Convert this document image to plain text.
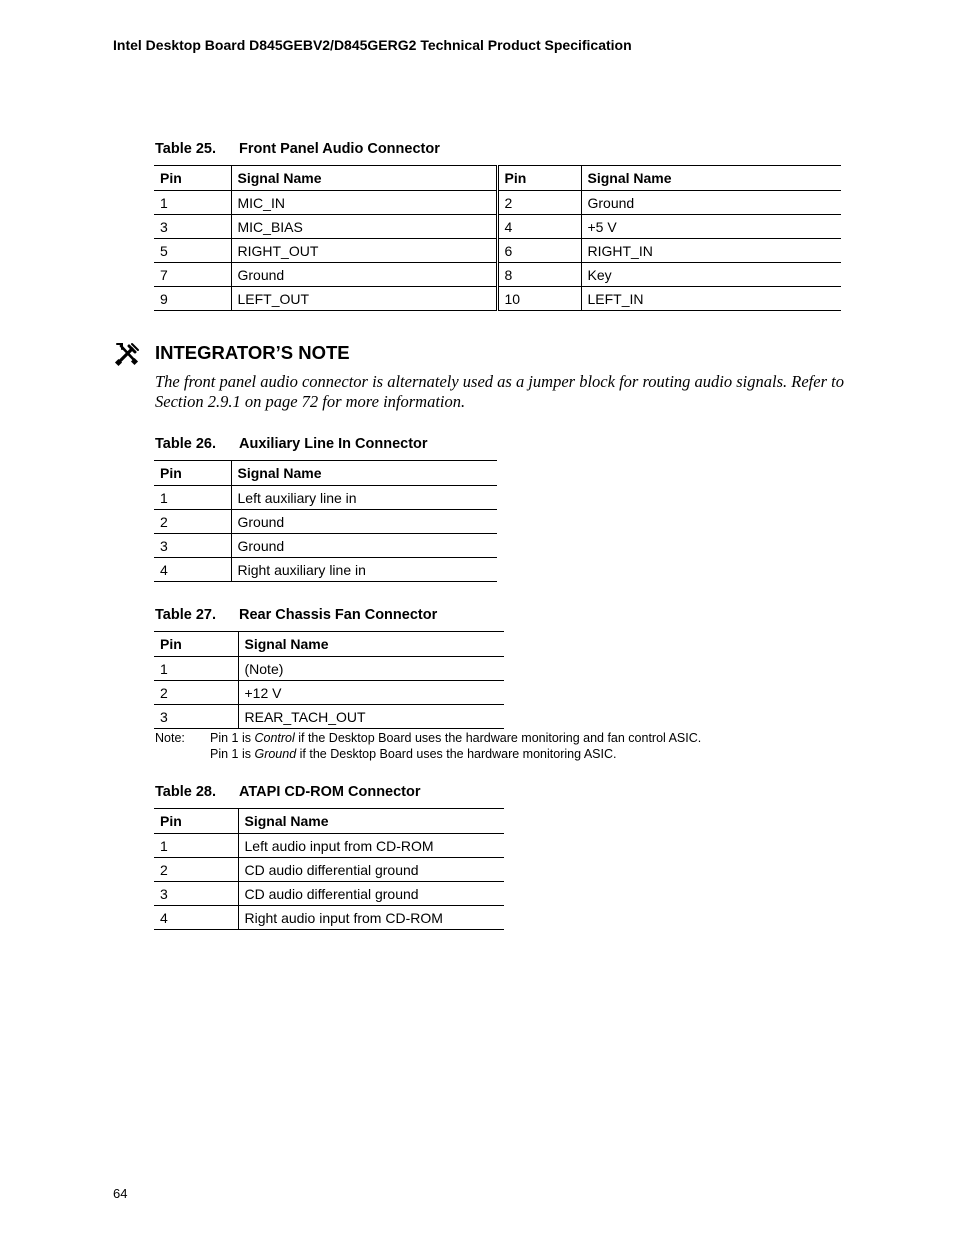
Intel Desktop Board D845GEBV2/D845GERG2 Technical Product Specification
Table 25. Front Panel Audio Connector
Pin	Signal Name	Pin	Signal Name
1	MIC_IN	2	Ground
3	MIC_BIAS	4	+5 V
5	RIGHT_OUT	6	RIGHT_IN
7	Ground	8	Key
9	LEFT_OUT	10	LEFT_IN
INTEGRATOR’S NOTE
The front panel audio connector is alternately used as a jumper block for routing audio signals. Refer to Section 2.9.1 on page 72 for more information.
Table 26. Auxiliary Line In Connector
Pin	Signal Name
1	Left auxiliary line in
2	Ground
3	Ground
4	Right auxiliary line in
Table 27. Rear Chassis Fan Connector
Pin	Signal Name
1	(Note)
2	+12 V
3	REAR_TACH_OUT
Note: Pin 1 is Control if the Desktop Board uses the hardware monitoring and fan control ASIC.
Pin 1 is Ground if the Desktop Board uses the hardware monitoring ASIC.
Table 28. ATAPI CD-ROM Connector
Pin	Signal Name
1	Left audio input from CD-ROM
2	CD audio differential ground
3	CD audio differential ground
4	Right audio input from CD-ROM
64
